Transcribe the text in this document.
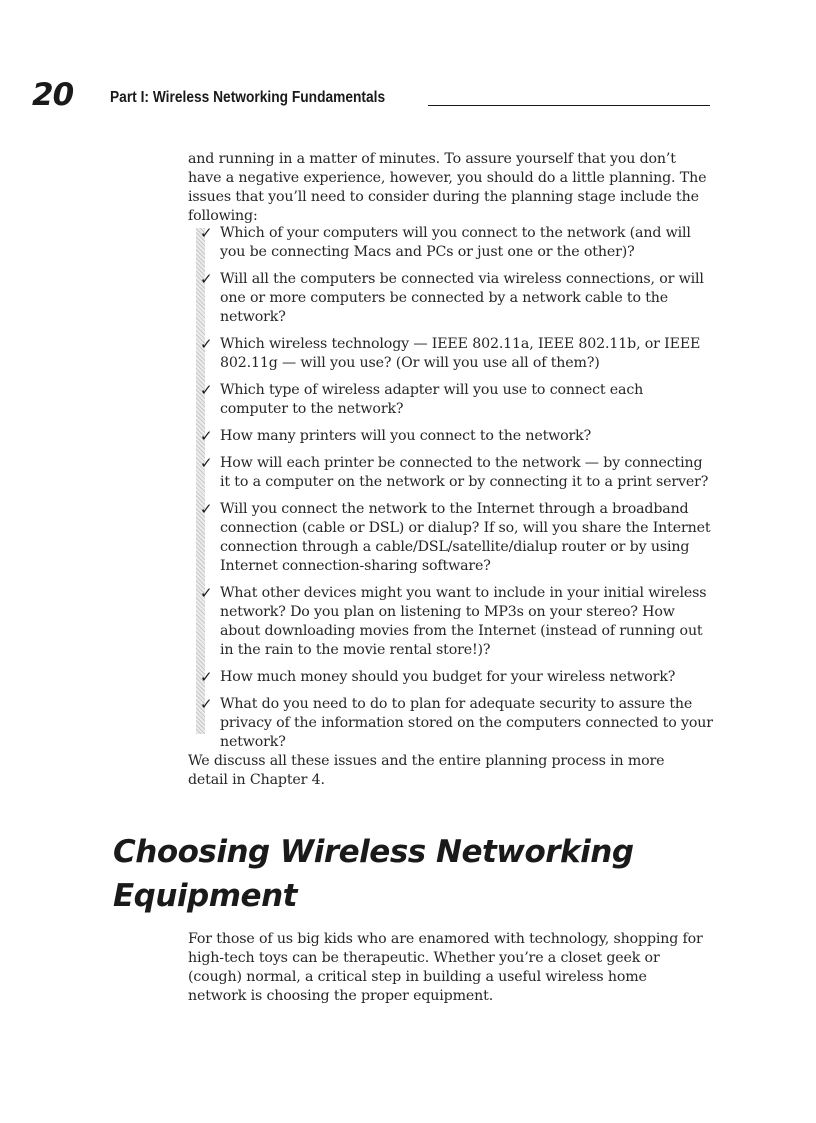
20 Part I: Wireless Networking Fundamentals

and running in a matter of minutes. To assure yourself that you don’t have a negative experience, however, you should do a little planning. The issues that you’ll need to consider during the planning stage include the following:

✓ Which of your computers will you connect to the network (and will you be connecting Macs and PCs or just one or the other)?
✓ Will all the computers be connected via wireless connections, or will one or more computers be connected by a network cable to the network?
✓ Which wireless technology — IEEE 802.11a, IEEE 802.11b, or IEEE 802.11g — will you use? (Or will you use all of them?)
✓ Which type of wireless adapter will you use to connect each computer to the network?
✓ How many printers will you connect to the network?
✓ How will each printer be connected to the network — by connecting it to a computer on the network or by connecting it to a print server?
✓ Will you connect the network to the Internet through a broadband connection (cable or DSL) or dialup? If so, will you share the Internet connection through a cable/DSL/satellite/dialup router or by using Internet connection-sharing software?
✓ What other devices might you want to include in your initial wireless network? Do you plan on listening to MP3s on your stereo? How about downloading movies from the Internet (instead of running out in the rain to the movie rental store!)?
✓ How much money should you budget for your wireless network?
✓ What do you need to do to plan for adequate security to assure the privacy of the information stored on the computers connected to your network?

We discuss all these issues and the entire planning process in more detail in Chapter 4.

Choosing Wireless Networking Equipment

For those of us big kids who are enamored with technology, shopping for high-tech toys can be therapeutic. Whether you’re a closet geek or (cough) normal, a critical step in building a useful wireless home network is choosing the proper equipment.
